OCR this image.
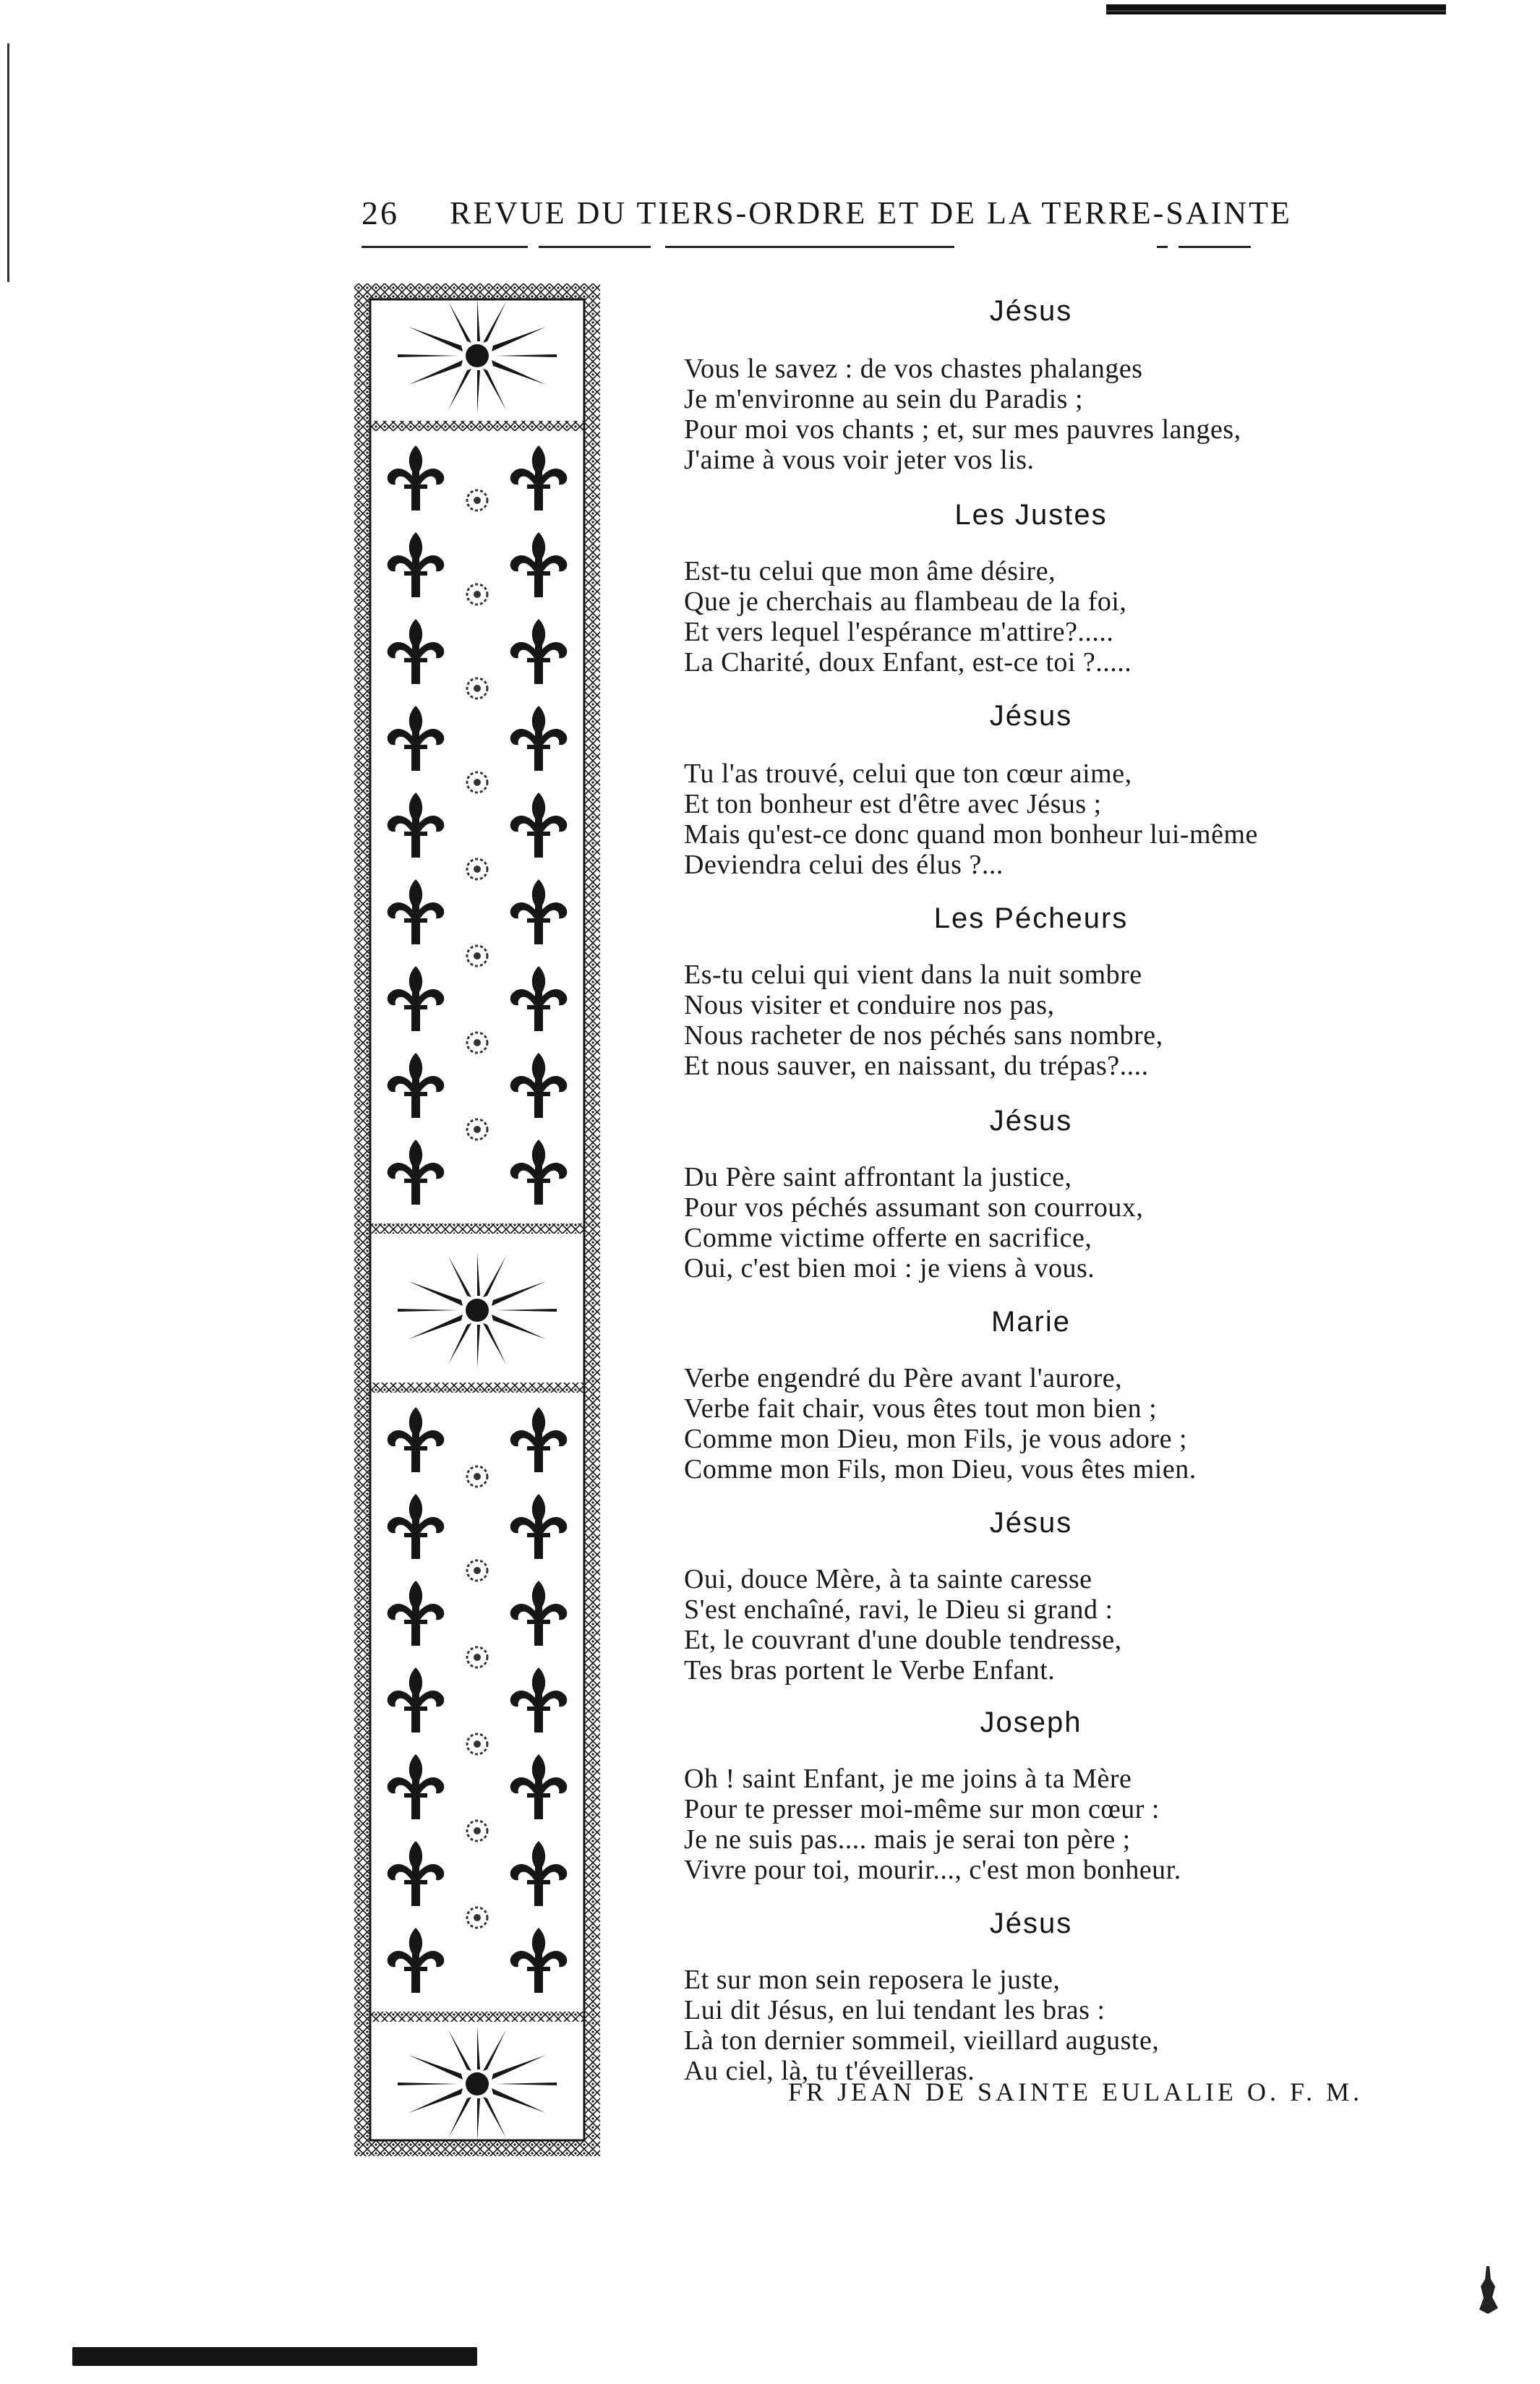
26 REVUE DU TIERS-ORDRE ET DE LA TERRE-SAINTE
Jésus
Vous le savez : de vos chastes phalanges
Je m'environne au sein du Paradis ;
Pour moi vos chants ; et, sur mes pauvres langes,
J'aime à vous voir jeter vos lis.
Les Justes
Est-tu celui que mon âme désire,
Que je cherchais au flambeau de la foi,
Et vers lequel l'espérance m'attire?.....
La Charité, doux Enfant, est-ce toi ?.....
Jésus
Tu l'as trouvé, celui que ton cœur aime,
Et ton bonheur est d'être avec Jésus ;
Mais qu'est-ce donc quand mon bonheur lui-même
Deviendra celui des élus ?...
Les Pécheurs
Es-tu celui qui vient dans la nuit sombre
Nous visiter et conduire nos pas,
Nous racheter de nos péchés sans nombre,
Et nous sauver, en naissant, du trépas?....
Jésus
Du Père saint affrontant la justice,
Pour vos péchés assumant son courroux,
Comme victime offerte en sacrifice,
Oui, c'est bien moi : je viens à vous.
Marie
Verbe engendré du Père avant l'aurore,
Verbe fait chair, vous êtes tout mon bien ;
Comme mon Dieu, mon Fils, je vous adore ;
Comme mon Fils, mon Dieu, vous êtes mien.
Jésus
Oui, douce Mère, à ta sainte caresse
S'est enchaîné, ravi, le Dieu si grand :
Et, le couvrant d'une double tendresse,
Tes bras portent le Verbe Enfant.
Joseph
Oh ! saint Enfant, je me joins à ta Mère
Pour te presser moi-même sur mon cœur :
Je ne suis pas.... mais je serai ton père ;
Vivre pour toi, mourir..., c'est mon bonheur.
Jésus
Et sur mon sein reposera le juste,
Lui dit Jésus, en lui tendant les bras :
Là ton dernier sommeil, vieillard auguste,
Au ciel, là, tu t'éveilleras.
FR JEAN DE SAINTE EULALIE O. F. M.
